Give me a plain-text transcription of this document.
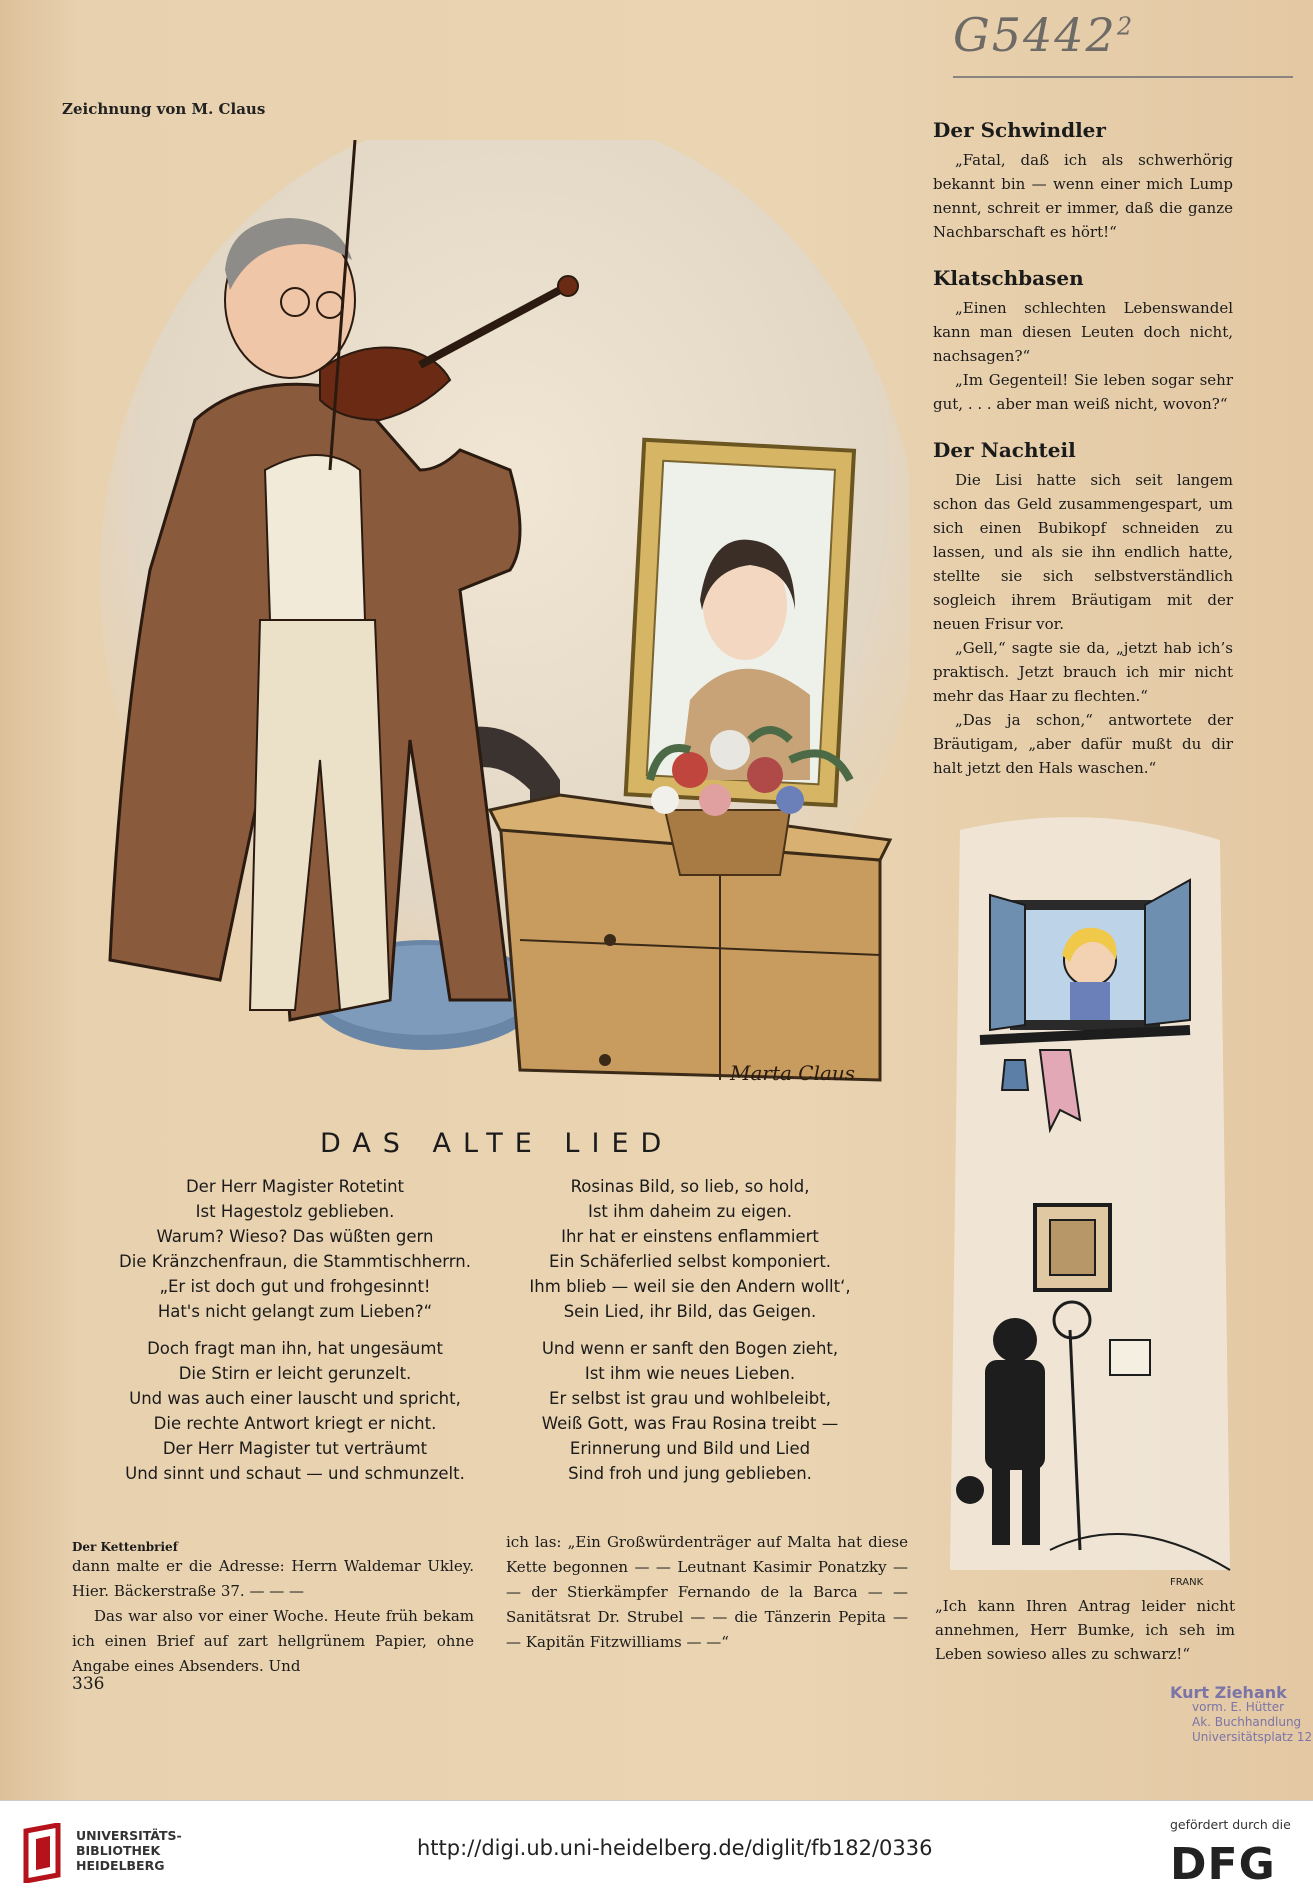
G5442$^2$
Zeichnung von M. Claus
Marta Claus
Der Schwindler

„Fatal, daß ich als schwerhörig bekannt bin — wenn einer mich Lump nennt, schreit er immer, daß die ganze Nachbarschaft es hört!“

Klatschbasen

„Einen schlechten Lebenswandel kann man diesen Leuten doch nicht, nachsagen?“

„Im Gegenteil! Sie leben sogar sehr gut, . . . aber man weiß nicht, wovon?“

Der Nachteil

Die Lisi hatte sich seit langem schon das Geld zusammengespart, um sich einen Bubikopf schneiden zu lassen, und als sie ihn endlich hatte, stellte sie sich selbstverständlich sogleich ihrem Bräutigam mit der neuen Frisur vor.

„Gell,“ sagte sie da, „jetzt hab ich’s praktisch. Jetzt brauch ich mir nicht mehr das Haar zu flechten.“

„Das ja schon,“ antwortete der Bräutigam, „aber dafür mußt du dir halt jetzt den Hals waschen.“

DAS ALTE LIED
Der Herr Magister Rotetint
Ist Hagestolz geblieben.
Warum? Wieso? Das wüßten gern
Die Kränzchenfraun, die Stammtischherrn.
„Er ist doch gut und frohgesinnt!
Hat's nicht gelangt zum Lieben?“
Rosinas Bild, so lieb, so hold,
Ist ihm daheim zu eigen.
Ihr hat er einstens enflammiert
Ein Schäferlied selbst komponiert.
Ihm blieb — weil sie den Andern wollt‘,
Sein Lied, ihr Bild, das Geigen.
Doch fragt man ihn, hat ungesäumt
Die Stirn er leicht gerunzelt.
Und was auch einer lauscht und spricht,
Die rechte Antwort kriegt er nicht.
Der Herr Magister tut verträumt
Und sinnt und schaut — und schmunzelt.
Und wenn er sanft den Bogen zieht,
Ist ihm wie neues Lieben.
Er selbst ist grau und wohlbeleibt,
Weiß Gott, was Frau Rosina treibt —
Erinnerung und Bild und Lied
Sind froh und jung geblieben.
Der Kettenbrief

dann malte er die Adresse: Herrn Waldemar Ukley. Hier. Bäckerstraße 37. — — —

Das war also vor einer Woche. Heute früh bekam ich einen Brief auf zart hellgrünem Papier, ohne Angabe eines Absenders. Und

ich las: „Ein Großwürdenträger auf Malta hat diese Kette begonnen — — Leutnant Kasimir Ponatzky — — der Stierkämpfer Fernando de la Barca — — Sanitätsrat Dr. Strubel — — die Tänzerin Pepita — — Kapitän Fitzwilliams — —“

336
FRANK
„Ich kann Ihren Antrag leider nicht annehmen, Herr Bumke, ich seh im Leben sowieso alles zu schwarz!“
Kurt Ziehank
vorm. E. Hütter
Ak. Buchhandlung
Universitätsplatz 12
UNIVERSITÄTS-
BIBLIOTHEK
HEIDELBERG
http://digi.ub.uni-heidelberg.de/diglit/fb182/0336
gefördert durch die
DFG
